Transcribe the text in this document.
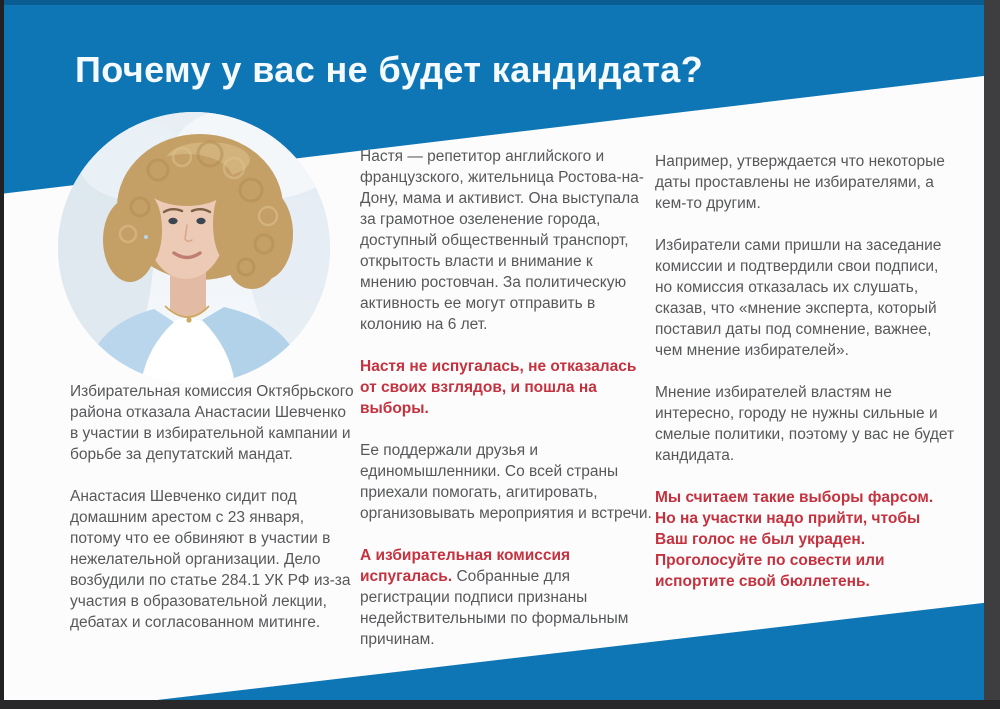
Почему у вас не будет кандидата?

Избирательная комиссия Октябрьского района отказала Анастасии Шевченко в участии в избирательной кампании и борьбе за депутатский мандат.

Анастасия Шевченко сидит под домашним арестом с 23 января, потому что ее обвиняют в участии в нежелательной организации. Дело возбудили по статье 284.1 УК РФ из-за участия в образовательной лекции, дебатах и согласованном митинге.

Настя — репетитор английского и французского, жительница Ростова-на-Дону, мама и активист. Она выступала за грамотное озеленение города, доступный общественный транспорт, открытость власти и внимание к мнению ростовчан. За политическую активность ее могут отправить в колонию на 6 лет.

Настя не испугалась, не отказалась от своих взглядов, и пошла на выборы.

Ее поддержали друзья и единомышленники. Со всей страны приехали помогать, агитировать, организовывать мероприятия и встречи.

А избирательная комиссия испугалась. Собранные для регистрации подписи признаны недействительными по формальным причинам.

Например, утверждается что некоторые даты проставлены не избирателями, а кем-то другим.

Избиратели сами пришли на заседание комиссии и подтвердили свои подписи, но комиссия отказалась их слушать, сказав, что «мнение эксперта, который поставил даты под сомнение, важнее, чем мнение избирателей».

Мнение избирателей властям не интересно, городу не нужны сильные и смелые политики, поэтому у вас не будет кандидата.

Мы считаем такие выборы фарсом. Но на участки надо прийти, чтобы Ваш голос не был украден. Проголосуйте по совести или испортите свой бюллетень.
